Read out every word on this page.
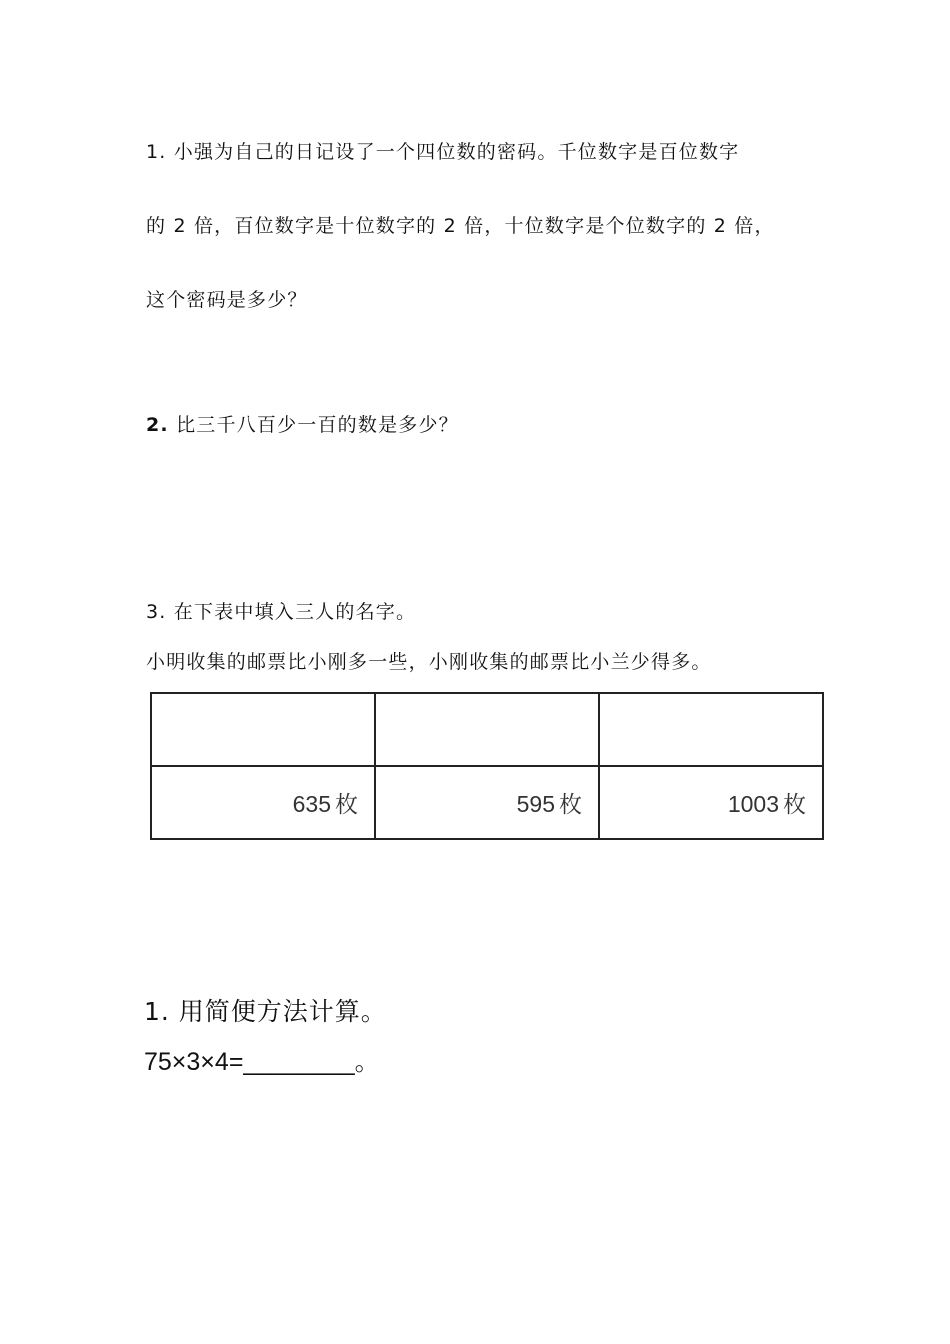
1. 小强为自己的日记设了一个四位数的密码。千位数字是百位数字
的 2 倍，百位数字是十位数字的 2 倍，十位数字是个位数字的 2 倍，
这个密码是多少？
2. 比三千八百少一百的数是多少？
3. 在下表中填入三人的名字。
小明收集的邮票比小刚多一些，小刚收集的邮票比小兰少得多。

635 枚	595 枚	1003 枚
1. 用简便方法计算。
75×3×4=________。
